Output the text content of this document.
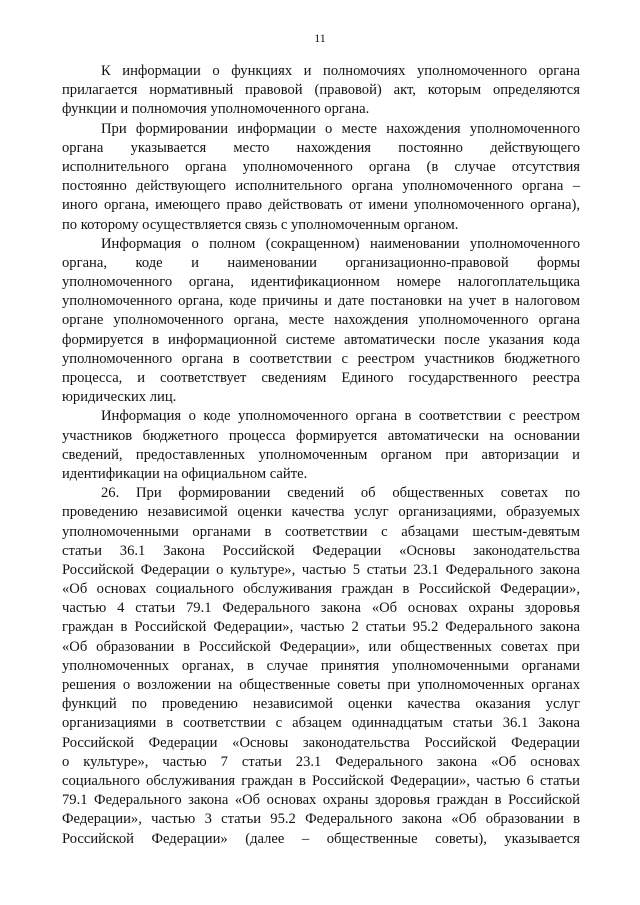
11
К информации о функциях и полномочиях уполномоченного органа
прилагается нормативный правовой (правовой) акт, которым определяются
функции и полномочия уполномоченного органа.
При формировании информации о месте нахождения уполномоченного
органа указывается место нахождения постоянно действующего
исполнительного органа уполномоченного органа (в случае отсутствия
постоянно действующего исполнительного органа уполномоченного органа –
иного органа, имеющего право действовать от имени уполномоченного органа),
по которому осуществляется связь с уполномоченным органом.
Информация о полном (сокращенном) наименовании уполномоченного
органа, коде и наименовании организационно-правовой формы
уполномоченного органа, идентификационном номере налогоплательщика
уполномоченного органа, коде причины и дате постановки на учет в налоговом
органе уполномоченного органа, месте нахождения уполномоченного органа
формируется в информационной системе автоматически после указания кода
уполномоченного органа в соответствии с реестром участников бюджетного
процесса, и соответствует сведениям Единого государственного реестра
юридических лиц.
Информация о коде уполномоченного органа в соответствии с реестром
участников бюджетного процесса формируется автоматически на основании
сведений, предоставленных уполномоченным органом при авторизации и
идентификации на официальном сайте.
26. При формировании сведений об общественных советах по
проведению независимой оценки качества услуг организациями, образуемых
уполномоченными органами в соответствии с абзацами шестым-девятым
статьи 36.1 Закона Российской Федерации «Основы законодательства
Российской Федерации о культуре», частью 5 статьи 23.1 Федерального закона
«Об основах социального обслуживания граждан в Российской Федерации»,
частью 4 статьи 79.1 Федерального закона «Об основах охраны здоровья
граждан в Российской Федерации», частью 2 статьи 95.2 Федерального закона
«Об образовании в Российской Федерации», или общественных советах при
уполномоченных органах, в случае принятия уполномоченными органами
решения о возложении на общественные советы при уполномоченных органах
функций по проведению независимой оценки качества оказания услуг
организациями в соответствии с абзацем одиннадцатым статьи 36.1 Закона
Российской Федерации «Основы законодательства Российской Федерации
о культуре», частью 7 статьи 23.1 Федерального закона «Об основах
социального обслуживания граждан в Российской Федерации», частью 6 статьи
79.1 Федерального закона «Об основах охраны здоровья граждан в Российской
Федерации», частью 3 статьи 95.2 Федерального закона «Об образовании в
Российской Федерации» (далее – общественные советы), указывается
